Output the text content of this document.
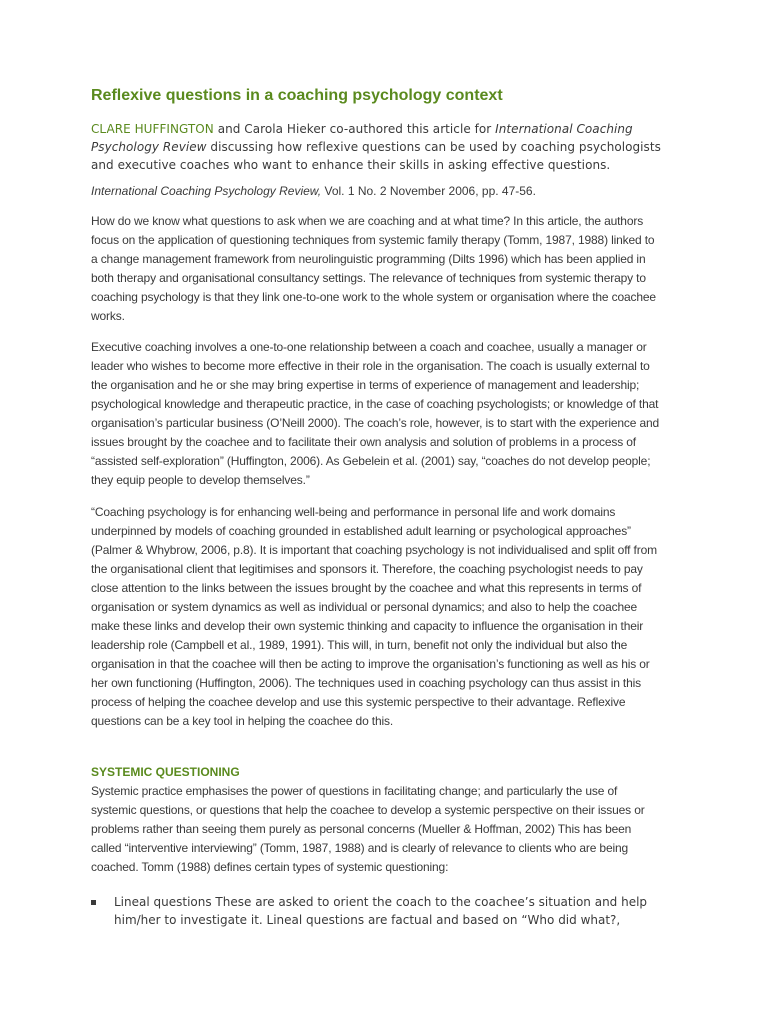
Reflexive questions in a coaching psychology context

CLARE HUFFINGTON and Carola Hieker co-authored this article for International Coaching Psychology Review discussing how reflexive questions can be used by coaching psychologists and executive coaches who want to enhance their skills in asking effective questions.

International Coaching Psychology Review, Vol. 1 No. 2 November 2006, pp. 47-56.

How do we know what questions to ask when we are coaching and at what time? In this article, the authors focus on the application of questioning techniques from systemic family therapy (Tomm, 1987, 1988) linked to a change management framework from neurolinguistic programming (Dilts 1996) which has been applied in both therapy and organisational consultancy settings. The relevance of techniques from systemic therapy to coaching psychology is that they link one-to-one work to the whole system or organisation where the coachee works.

Executive coaching involves a one-to-one relationship between a coach and coachee, usually a manager or leader who wishes to become more effective in their role in the organisation. The coach is usually external to the organisation and he or she may bring expertise in terms of experience of management and leadership; psychological knowledge and therapeutic practice, in the case of coaching psychologists; or knowledge of that organisation’s particular business (O’Neill 2000). The coach’s role, however, is to start with the experience and issues brought by the coachee and to facilitate their own analysis and solution of problems in a process of “assisted self-exploration” (Huffington, 2006). As Gebelein et al. (2001) say, “coaches do not develop people; they equip people to develop themselves.”

“Coaching psychology is for enhancing well-being and performance in personal life and work domains underpinned by models of coaching grounded in established adult learning or psychological approaches” (Palmer & Whybrow, 2006, p.8). It is important that coaching psychology is not individualised and split off from the organisational client that legitimises and sponsors it. Therefore, the coaching psychologist needs to pay close attention to the links between the issues brought by the coachee and what this represents in terms of organisation or system dynamics as well as individual or personal dynamics; and also to help the coachee make these links and develop their own systemic thinking and capacity to influence the organisation in their leadership role (Campbell et al., 1989, 1991). This will, in turn, benefit not only the individual but also the organisation in that the coachee will then be acting to improve the organisation’s functioning as well as his or her own functioning (Huffington, 2006). The techniques used in coaching psychology can thus assist in this process of helping the coachee develop and use this systemic perspective to their advantage. Reflexive questions can be a key tool in helping the coachee do this.

SYSTEMIC QUESTIONING

Systemic practice emphasises the power of questions in facilitating change; and particularly the use of systemic questions, or questions that help the coachee to develop a systemic perspective on their issues or problems rather than seeing them purely as personal concerns (Mueller & Hoffman, 2002) This has been called “interventive interviewing” (Tomm, 1987, 1988) and is clearly of relevance to clients who are being coached. Tomm (1988) defines certain types of systemic questioning:

Lineal questions These are asked to orient the coach to the coachee’s situation and help him/her to investigate it. Lineal questions are factual and based on “Who did what?,
